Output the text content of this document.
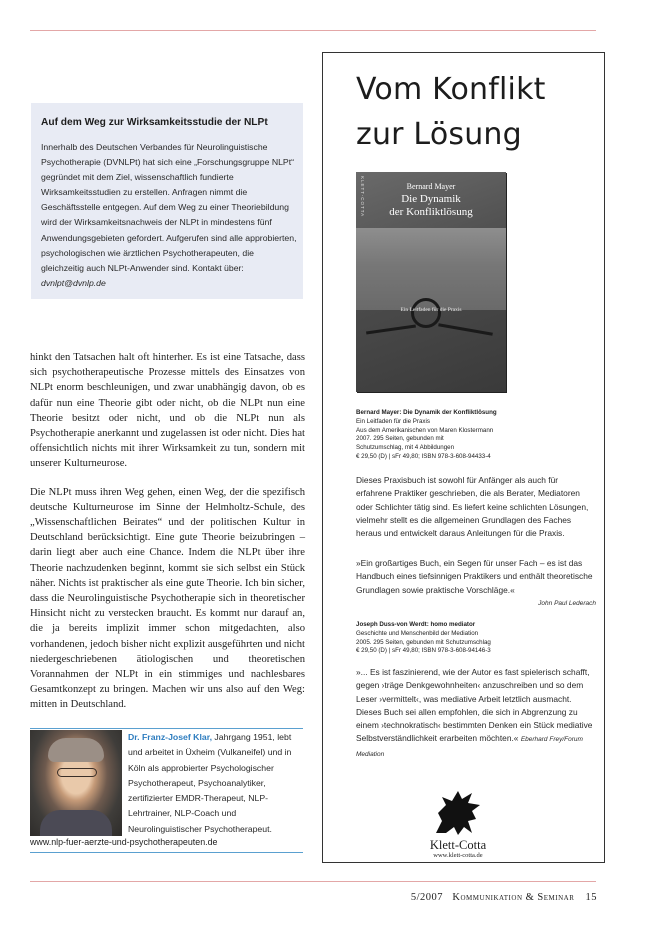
Auf dem Weg zur Wirksamkeitsstudie der NLPt
Innerhalb des Deutschen Verbandes für Neurolinguistische Psychotherapie (DVNLPt) hat sich eine „Forschungsgruppe NLPt“ gegründet mit dem Ziel, wissenschaftlich fundierte Wirksamkeitsstudien zu erstellen. Anfragen nimmt die Geschäftsstelle entgegen. Auf dem Weg zu einer Theoriebildung wird der Wirksamkeitsnachweis der NLPt in mindestens fünf Anwendungsgebieten gefordert. Aufgerufen sind alle approbierten, psychologischen wie ärztlichen Psychotherapeuten, die gleichzeitig auch NLPt-Anwender sind. Kontakt über: dvnlpt@dvnlp.de

hinkt den Tatsachen halt oft hinterher. Es ist eine Tatsache, dass sich psychotherapeutische Prozesse mittels des Einsatzes von NLPt enorm beschleunigen, und zwar unabhängig davon, ob es dafür nun eine Theorie gibt oder nicht, ob die NLPt nun eine Theorie besitzt oder nicht, und ob die NLPt nun als Psychotherapie anerkannt und zugelassen ist oder nicht. Dies hat offensichtlich nichts mit ihrer Wirksamkeit zu tun, sondern mit unserer Kulturneurose.

Die NLPt muss ihren Weg gehen, einen Weg, der die spezifisch deutsche Kulturneurose im Sinne der Helmholtz-Schule, des „Wissenschaftlichen Beirates“ und der politischen Kultur in Deutschland berücksichtigt. Eine gute Theorie beizubringen – darin liegt aber auch eine Chance. Indem die NLPt über ihre Theorie nachzudenken beginnt, kommt sie sich selbst ein Stück näher. Nichts ist praktischer als eine gute Theorie. Ich bin sicher, dass die Neurolinguistische Psychotherapie sich in theoretischer Hinsicht nicht zu verstecken braucht. Es kommt nur darauf an, die ja bereits implizit immer schon mitgedachten, also vorhandenen, jedoch bisher nicht explizit ausgeführten und nicht niedergeschriebenen ätiologischen und theoretischen Vorannahmen der NLPt in ein stimmiges und nachlesbares Gesamtkonzept zu bringen. Machen wir uns also auf den Weg: mitten in Deutschland.

Dr. Franz-Josef Klar, Jahrgang 1951, lebt und arbeitet in Üxheim (Vulkaneifel) und in Köln als approbierter Psychologischer Psychotherapeut, Psychoanalytiker, zertifizierter EMDR-Therapeut, NLP-Lehrtrainer, NLP-Coach und Neurolinguistischer Psychotherapeut.
www.nlp-fuer-aerzte-und-psychotherapeuten.de
Vom Konflikt
zur Lösung
KLETT-COTTA	Bernard Mayer
Die Dynamik
der Konfliktlösung
Ein Leitfaden für die Praxis
Bernard Mayer: Die Dynamik der Konfliktlösung
Ein Leitfaden für die Praxis
Aus dem Amerikanischen von Maren Klostermann
2007. 295 Seiten, gebunden mit
Schutzumschlag, mit 4 Abbildungen
€ 29,50 (D) | sFr 49,80; ISBN 978-3-608-94433-4
Dieses Praxisbuch ist sowohl für Anfänger als auch für erfahrene Praktiker geschrieben, die als Berater, Mediatoren oder Schlichter tätig sind. Es liefert keine schlichten Lösungen, vielmehr stellt es die allgemeinen Grundlagen des Faches heraus und entwickelt daraus Anleitungen für die Praxis.
»Ein großartiges Buch, ein Segen für unser Fach – es ist das Handbuch eines tiefsinnigen Praktikers und enthält theoretische Grundlagen sowie praktische Vorschläge.«
John Paul Lederach
Joseph Duss-von Werdt: homo mediator
Geschichte und Menschenbild der Mediation
2005. 295 Seiten, gebunden mit Schutzumschlag
€ 29,50 (D) | sFr 49,80; ISBN 978-3-608-94146-3
»... Es ist faszinierend, wie der Autor es fast spielerisch schafft, gegen ›träge Denkgewohnheiten‹ anzuschreiben und so dem Leser ›vermittelt‹, was mediative Arbeit letztlich ausmacht. Dieses Buch sei allen empfohlen, die sich in Abgrenzung zu einem ›technokratisch‹ bestimmten Denken ein Stück mediative Selbstverständlichkeit erarbeiten möchten.« Eberhard Frey/Forum Mediation
Klett-Cotta
www.klett-cotta.de
5/2007 Kommunikation & Seminar 15
